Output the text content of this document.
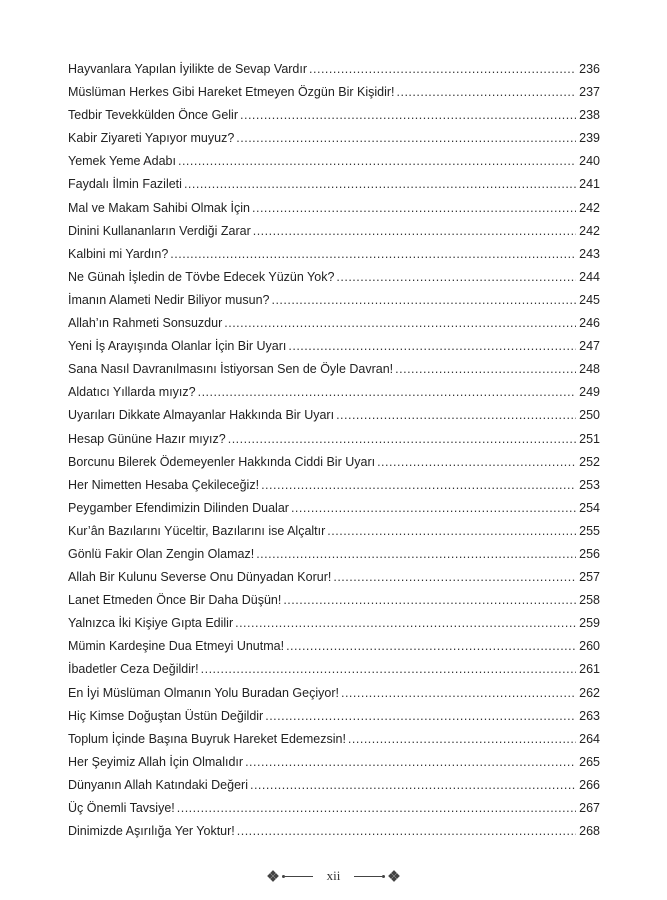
Hayvanlara Yapılan İyilikte de Sevap Vardır .....	236
Müslüman Herkes Gibi Hareket Etmeyen Özgün Bir Kişidir! .....	237
Tedbir Tevekkülden Önce Gelir .....	238
Kabir Ziyareti Yapıyor muyuz? .....	239
Yemek Yeme Adabı .....	240
Faydalı İlmin Fazileti .....	241
Mal ve Makam Sahibi Olmak İçin .....	242
Dinini Kullananların Verdiği Zarar .....	242
Kalbini mi Yardın? .....	243
Ne Günah İşledin de Tövbe Edecek Yüzün Yok? .....	244
İmanın Alameti Nedir Biliyor musun? .....	245
Allah’ın Rahmeti Sonsuzdur .....	246
Yeni İş Arayışında Olanlar İçin Bir Uyarı .....	247
Sana Nasıl Davranılmasını İstiyorsan Sen de Öyle Davran! .....	248
Aldatıcı Yıllarda mıyız? .....	249
Uyarıları Dikkate Almayanlar Hakkında Bir Uyarı .....	250
Hesap Gününe Hazır mıyız? .....	251
Borcunu Bilerek Ödemeyenler Hakkında Ciddi Bir Uyarı .....	252
Her Nimetten Hesaba Çekileceğiz! .....	253
Peygamber Efendimizin Dilinden Dualar .....	254
Kur’ân Bazılarını Yüceltir, Bazılarını ise Alçaltır .....	255
Gönlü Fakir Olan Zengin Olamaz! .....	256
Allah Bir Kulunu Severse Onu Dünyadan Korur! .....	257
Lanet Etmeden Önce Bir Daha Düşün! .....	258
Yalnızca İki Kişiye Gıpta Edilir .....	259
Mümin Kardeşine Dua Etmeyi Unutma! .....	260
İbadetler Ceza Değildir! .....	261
En İyi Müslüman Olmanın Yolu Buradan Geçiyor! .....	262
Hiç Kimse Doğuştan Üstün Değildir .....	263
Toplum İçinde Başına Buyruk Hareket Edemezsin! .....	264
Her Şeyimiz Allah İçin Olmalıdır .....	265
Dünyanın Allah Katındaki Değeri .....	266
Üç Önemli Tavsiye! .....	267
Dinimizde Aşırılığa Yer Yoktur! .....	268
xii
